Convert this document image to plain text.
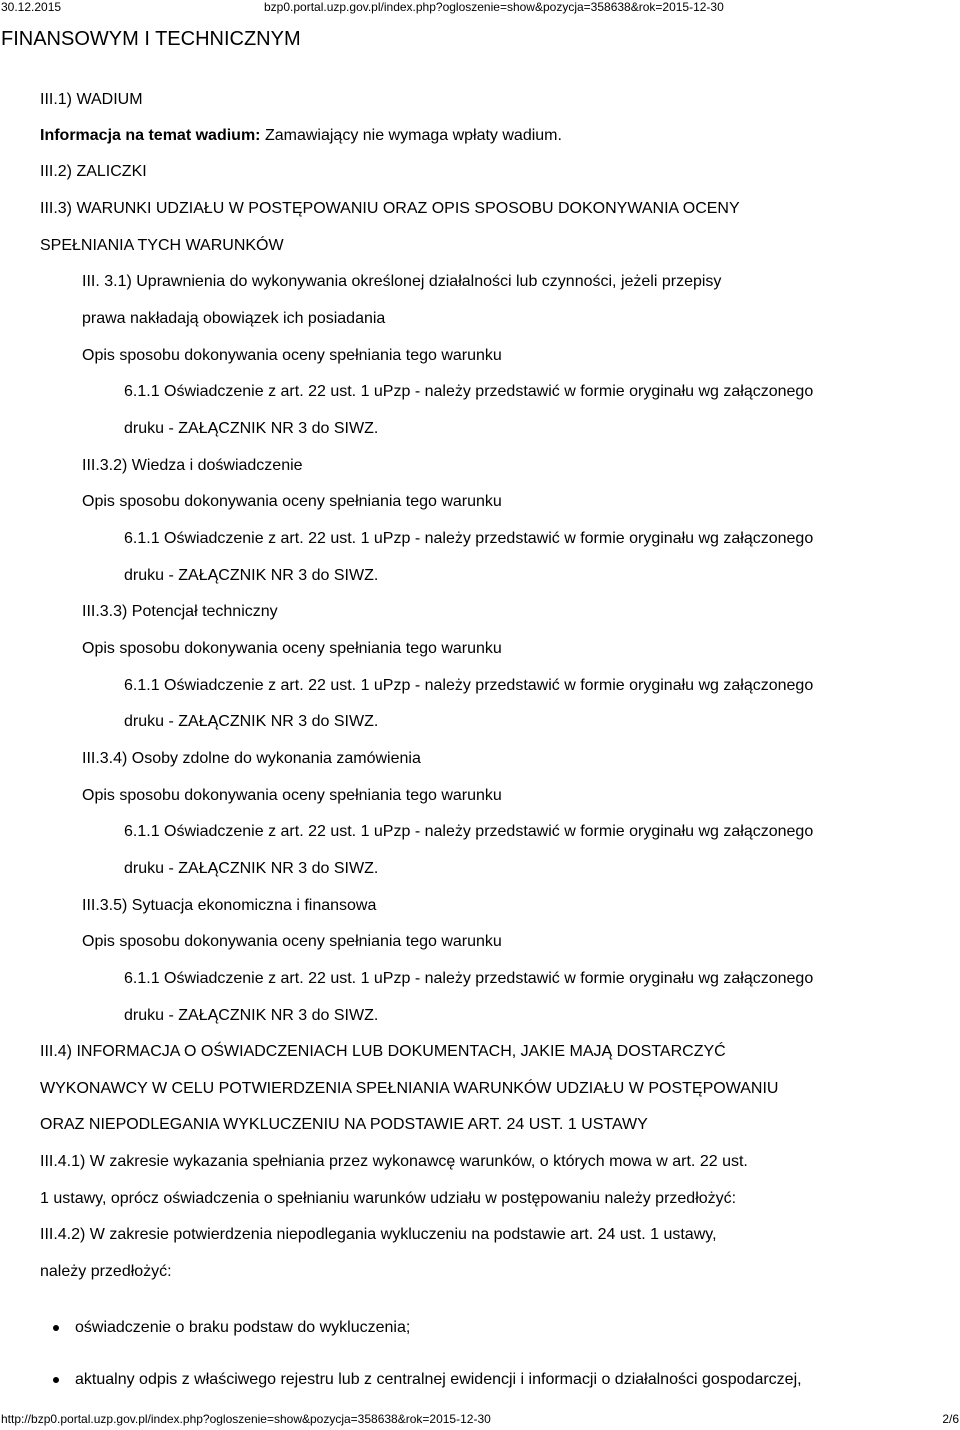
30.12.2015	bzp0.portal.uzp.gov.pl/index.php?ogloszenie=show&pozycja=358638&rok=2015-12-30
FINANSOWYM I TECHNICZNYM
III.1) WADIUM
Informacja na temat wadium: Zamawiający nie wymaga wpłaty wadium.
III.2) ZALICZKI
III.3) WARUNKI UDZIAŁU W POSTĘPOWANIU ORAZ OPIS SPOSOBU DOKONYWANIA OCENY
SPEŁNIANIA TYCH WARUNKÓW
III. 3.1) Uprawnienia do wykonywania określonej działalności lub czynności, jeżeli przepisy
prawa nakładają obowiązek ich posiadania
Opis sposobu dokonywania oceny spełniania tego warunku
6.1.1 Oświadczenie z art. 22 ust. 1 uPzp - należy przedstawić w formie oryginału wg załączonego
druku - ZAŁĄCZNIK NR 3 do SIWZ.
III.3.2) Wiedza i doświadczenie
Opis sposobu dokonywania oceny spełniania tego warunku
6.1.1 Oświadczenie z art. 22 ust. 1 uPzp - należy przedstawić w formie oryginału wg załączonego
druku - ZAŁĄCZNIK NR 3 do SIWZ.
III.3.3) Potencjał techniczny
Opis sposobu dokonywania oceny spełniania tego warunku
6.1.1 Oświadczenie z art. 22 ust. 1 uPzp - należy przedstawić w formie oryginału wg załączonego
druku - ZAŁĄCZNIK NR 3 do SIWZ.
III.3.4) Osoby zdolne do wykonania zamówienia
Opis sposobu dokonywania oceny spełniania tego warunku
6.1.1 Oświadczenie z art. 22 ust. 1 uPzp - należy przedstawić w formie oryginału wg załączonego
druku - ZAŁĄCZNIK NR 3 do SIWZ.
III.3.5) Sytuacja ekonomiczna i finansowa
Opis sposobu dokonywania oceny spełniania tego warunku
6.1.1 Oświadczenie z art. 22 ust. 1 uPzp - należy przedstawić w formie oryginału wg załączonego
druku - ZAŁĄCZNIK NR 3 do SIWZ.
III.4) INFORMACJA O OŚWIADCZENIACH LUB DOKUMENTACH, JAKIE MAJĄ DOSTARCZYĆ
WYKONAWCY W CELU POTWIERDZENIA SPEŁNIANIA WARUNKÓW UDZIAŁU W POSTĘPOWANIU
ORAZ NIEPODLEGANIA WYKLUCZENIU NA PODSTAWIE ART. 24 UST. 1 USTAWY
III.4.1) W zakresie wykazania spełniania przez wykonawcę warunków, o których mowa w art. 22 ust.
1 ustawy, oprócz oświadczenia o spełnianiu warunków udziału w postępowaniu należy przedłożyć:
III.4.2) W zakresie potwierdzenia niepodlegania wykluczeniu na podstawie art. 24 ust. 1 ustawy,
należy przedłożyć:
oświadczenie o braku podstaw do wykluczenia;
aktualny odpis z właściwego rejestru lub z centralnej ewidencji i informacji o działalności gospodarczej,
http://bzp0.portal.uzp.gov.pl/index.php?ogloszenie=show&pozycja=358638&rok=2015-12-30	2/6
